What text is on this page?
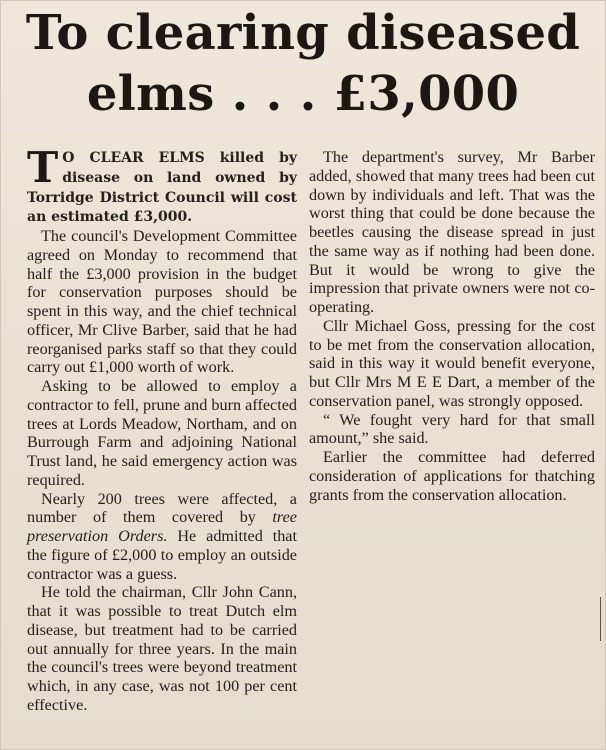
To clearing diseased
elms . . . £3,000

T O CLEAR ELMS killed by disease on land owned by Torridge District Council will cost an estimated £3,000.

The council's Development Committee agreed on Monday to recommend that half the £3,000 provision in the budget for conservation purposes should be spent in this way, and the chief technical officer, Mr Clive Barber, said that he had reorganised parks staff so that they could carry out £1,000 worth of work.

Asking to be allowed to employ a contractor to fell, prune and burn affected trees at Lords Meadow, Northam, and on Burrough Farm and adjoining National Trust land, he said emergency action was required.

Nearly 200 trees were affected, a number of them covered by tree preservation Orders. He admitted that the figure of £2,000 to employ an outside contractor was a guess.

He told the chairman, Cllr John Cann, that it was possible to treat Dutch elm disease, but treatment had to be carried out annually for three years. In the main the council's trees were beyond treatment which, in any case, was not 100 per cent effective.

The department's survey, Mr Barber added, showed that many trees had been cut down by individuals and left. That was the worst thing that could be done because the beetles causing the disease spread in just the same way as if nothing had been done. But it would be wrong to give the impression that private owners were not co-operating.

Cllr Michael Goss, pressing for the cost to be met from the conservation allocation, said in this way it would benefit everyone, but Cllr Mrs M E E Dart, a member of the conservation panel, was strongly opposed.

“ We fought very hard for that small amount,” she said.

Earlier the committee had deferred consideration of applications for thatching grants from the conservation allocation.
